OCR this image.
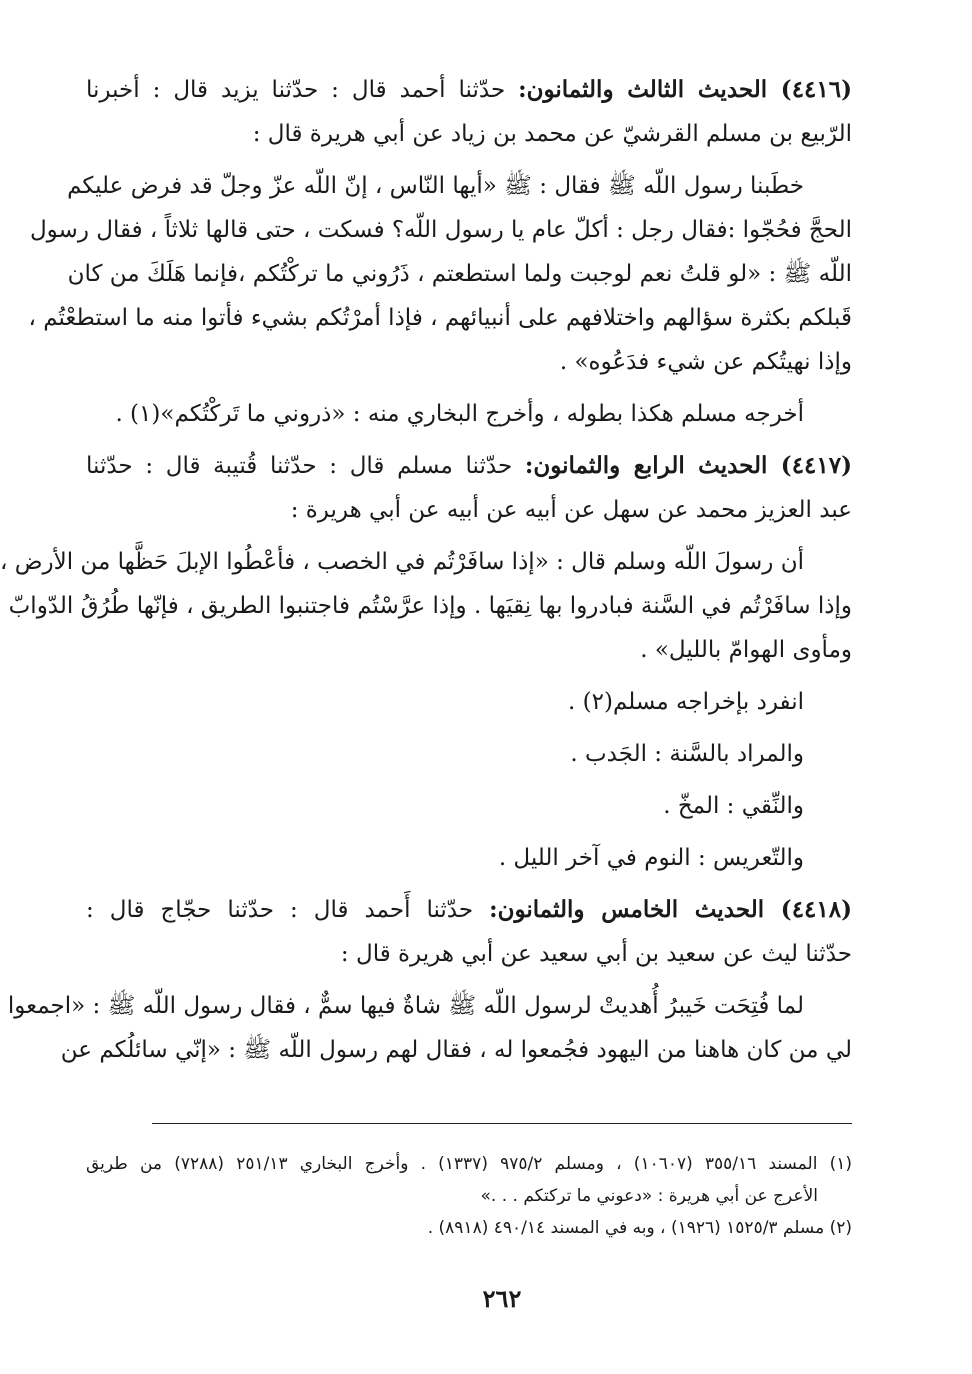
(٤٤١٦) الحديث الثالث والثمانون: حدّثنا أحمد قال : حدّثنا يزيد قال : أخبرنا
الرّبيع بن مسلم القرشيّ عن محمد بن زياد عن أبي هريرة قال :
خطَبنا رسول اللّه ﷺ فقال : ﷺ «أيها النّاس ، إنّ اللّه عزّ وجلّ قد فرض عليكم
الحجَّ فحُجّوا :فقال رجل : أكلّ عام يا رسول اللّه؟ فسكت ، حتى قالها ثلاثاً ، فقال رسول
اللّه ﷺ : «لو قلتُ نعم لوجبت ولما استطعتم ، ذَرُوني ما تركْتُكم ،فإنما هَلَكَ من كان
قَبلكم بكثرة سؤالهم واختلافهم على أنبيائهم ، فإذا أمرْتُكم بشيء فأتوا منه ما استطعْتُم ،
وإذا نهيتُكم عن شيء فدَعُوه» .
أخرجه مسلم هكذا بطوله ، وأخرج البخاري منه : «ذروني ما تَركْتُكم»(١) .
(٤٤١٧) الحديث الرابع والثمانون: حدّثنا مسلم قال : حدّثنا قُتيبة قال : حدّثنا
عبد العزيز محمد عن سهل عن أبيه عن أبيه عن أبي هريرة :
أن رسولَ اللّه وسلم قال : «إذا سافَرْتُم في الخصب ، فأعْطُوا الإبلَ حَظَّها من الأرض ،
وإذا سافَرْتُم في السَّنة فبادروا بها نِقيَها . وإذا عرَّسْتُم فاجتنبوا الطريق ، فإنّها طُرُقُ الدّوابّ
ومأوى الهوامّ بالليل» .
انفرد بإخراجه مسلم(٢) .
والمراد بالسَّنة : الجَدب .
والنِّقي : المخّ .
والتّعريس : النوم في آخر الليل .
(٤٤١٨) الحديث الخامس والثمانون: حدّثنا أَحمد قال : حدّثنا حجّاج قال :
حدّثنا ليث عن سعيد بن أبي سعيد عن أبي هريرة قال :
لما فُتِحَت خَيبرُ أُهديتْ لرسول اللّه ﷺ شاةٌ فيها سمٌّ ، فقال رسول اللّه ﷺ : «اجمعوا
لي من كان هاهنا من اليهود فجُمعوا له ، فقال لهم رسول اللّه ﷺ : «إنّي سائلُكم عن
(١) المسند ٣٥٥/١٦ (١٠٦٠٧) ، ومسلم ٩٧٥/٢ (١٣٣٧) . وأخرج البخاري ٢٥١/١٣ (٧٢٨٨) من طريق
الأعرج عن أبي هريرة : «دعوني ما تركتكم . . .»
(٢) مسلم ١٥٢٥/٣ (١٩٢٦) ، وبه في المسند ٤٩٠/١٤ (٨٩١٨) .
٢٦٢
